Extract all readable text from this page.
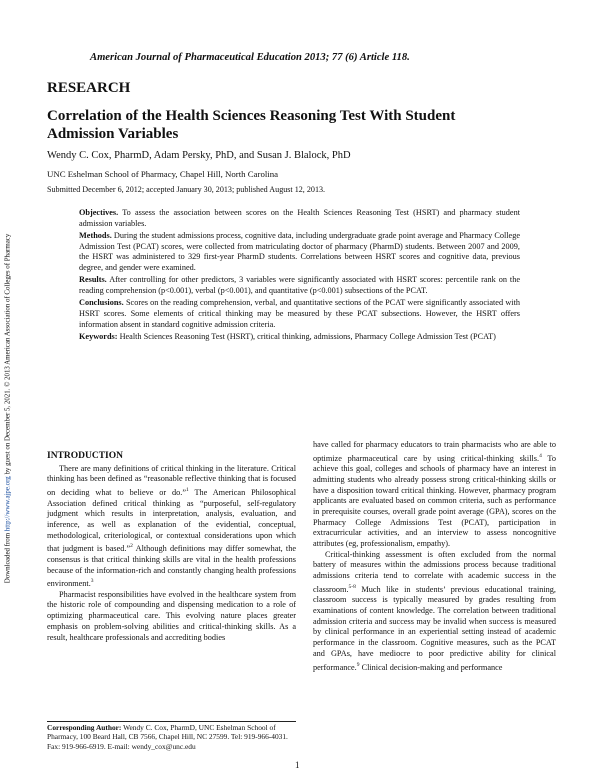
American Journal of Pharmaceutical Education 2013; 77 (6) Article 118.
Downloaded from http://www.ajpe.org by guest on December 5, 2021. © 2013 American Association of Colleges of Pharmacy
RESEARCH
Correlation of the Health Sciences Reasoning Test With Student Admission Variables
Wendy C. Cox, PharmD, Adam Persky, PhD, and Susan J. Blalock, PhD
UNC Eshelman School of Pharmacy, Chapel Hill, North Carolina
Submitted December 6, 2012; accepted January 30, 2013; published August 12, 2013.

Objectives. To assess the association between scores on the Health Sciences Reasoning Test (HSRT) and pharmacy student admission variables.

Methods. During the student admissions process, cognitive data, including undergraduate grade point average and Pharmacy College Admission Test (PCAT) scores, were collected from matriculating doctor of pharmacy (PharmD) students. Between 2007 and 2009, the HSRT was administered to 329 first-year PharmD students. Correlations between HSRT scores and cognitive data, previous degree, and gender were examined.

Results. After controlling for other predictors, 3 variables were significantly associated with HSRT scores: percentile rank on the reading comprehension (p<0.001), verbal (p<0.001), and quantitative (p<0.001) subsections of the PCAT.

Conclusions. Scores on the reading comprehension, verbal, and quantitative sections of the PCAT were significantly associated with HSRT scores. Some elements of critical thinking may be measured by these PCAT subsections. However, the HSRT offers information absent in standard cognitive admission criteria.

Keywords: Health Sciences Reasoning Test (HSRT), critical thinking, admissions, Pharmacy College Admission Test (PCAT)

INTRODUCTION

There are many definitions of critical thinking in the literature. Critical thinking has been defined as “reasonable reflective thinking that is focused on deciding what to believe or do.”$^1$ The American Philosophical Association defined critical thinking as “purposeful, self-regulatory judgment which results in interpretation, analysis, evaluation, and inference, as well as explanation of the evidential, conceptual, methodological, criteriological, or contextual considerations upon which that judgment is based.”$^2$ Although definitions may differ somewhat, the consensus is that critical thinking skills are vital in the health professions because of the information-rich and constantly changing health professions environment.$^3$

Pharmacist responsibilities have evolved in the healthcare system from the historic role of compounding and dispensing medication to a role of optimizing pharmaceutical care. This evolving nature places greater emphasis on problem-solving abilities and critical-thinking skills. As a result, healthcare professionals and accrediting bodies

have called for pharmacy educators to train pharmacists who are able to optimize pharmaceutical care by using critical-thinking skills.$^4$ To achieve this goal, colleges and schools of pharmacy have an interest in admitting students who already possess strong critical-thinking skills or have a disposition toward critical thinking. However, pharmacy program applicants are evaluated based on common criteria, such as performance in prerequisite courses, overall grade point average (GPA), scores on the Pharmacy College Admissions Test (PCAT), participation in extracurricular activities, and an interview to assess noncognitive attributes (eg, professionalism, empathy).

Critical-thinking assessment is often excluded from the normal battery of measures within the admissions process because traditional admissions criteria tend to correlate with academic success in the classroom.$^{5-8}$ Much like in students’ previous educational training, classroom success is typically measured by grades resulting from examinations of content knowledge. The correlation between traditional admission criteria and success may be invalid when success is measured by clinical performance in an experiential setting instead of academic performance in the classroom. Cognitive measures, such as the PCAT and GPAs, have mediocre to poor predictive ability for clinical performance.$^9$ Clinical decision-making and performance

Corresponding Author: Wendy C. Cox, PharmD, UNC Eshelman School of Pharmacy, 100 Beard Hall, CB 7566, Chapel Hill, NC 27599. Tel: 919-966-4031. Fax: 919-966-6919. E-mail: wendy_cox@unc.edu
1
